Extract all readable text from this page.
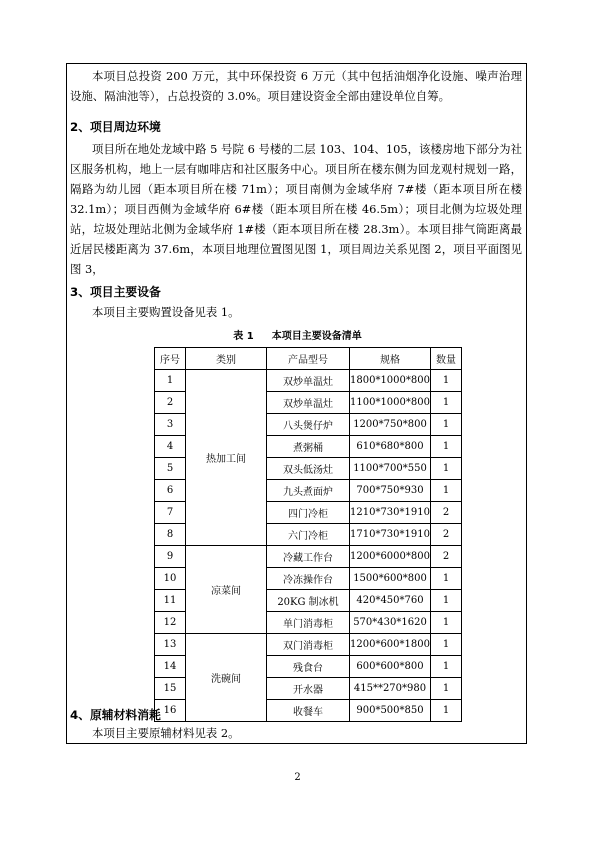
本项目总投资 200 万元，其中环保投资 6 万元（其中包括油烟净化设施、噪声治理设施、隔油池等），占总投资的 3.0%。项目建设资金全部由建设单位自筹。

2、项目周边环境

项目所在地处龙域中路 5 号院 6 号楼的二层 103、104、105，该楼房地下部分为社区服务机构，地上一层有咖啡店和社区服务中心。项目所在楼东侧为回龙观村规划一路，隔路为幼儿园（距本项目所在楼 71m）；项目南侧为金域华府 7#楼（距本项目所在楼 32.1m）；项目西侧为金域华府 6#楼（距本项目所在楼 46.5m）；项目北侧为垃圾处理站，垃圾处理站北侧为金域华府 1#楼（距本项目所在楼 28.3m）。本项目排气筒距离最近居民楼距离为 37.6m，本项目地理位置图见图 1，项目周边关系见图 2，项目平面图见图 3，

3、项目主要设备

本项目主要购置设备见表 1。

表 1 本项目主要设备清单
序号	类别	产品型号	规格	数量
1	热加工间	双炒单温灶	1800*1000*800	1
2		双炒单温灶	1100*1000*800	1
3		八头煲仔炉	1200*750*800	1
4		煮粥桶	610*680*800	1
5		双头低汤灶	1100*700*550	1
6		九头煮面炉	700*750*930	1
7		四门冷柜	1210*730*1910	2
8		六门冷柜	1710*730*1910	2
9	凉菜间	冷藏工作台	1200*6000*800	2
10		冷冻操作台	1500*600*800	1
11		20KG 制冰机	420*450*760	1
12		单门消毒柜	570*430*1620	1
13	洗碗间	双门消毒柜	1200*600*1800	1
14		残食台	600*600*800	1
15		开水器	415**270*980	1
16		收餐车	900*500*850	1

4、原辅材料消耗

本项目主要原辅材料见表 2。

2
